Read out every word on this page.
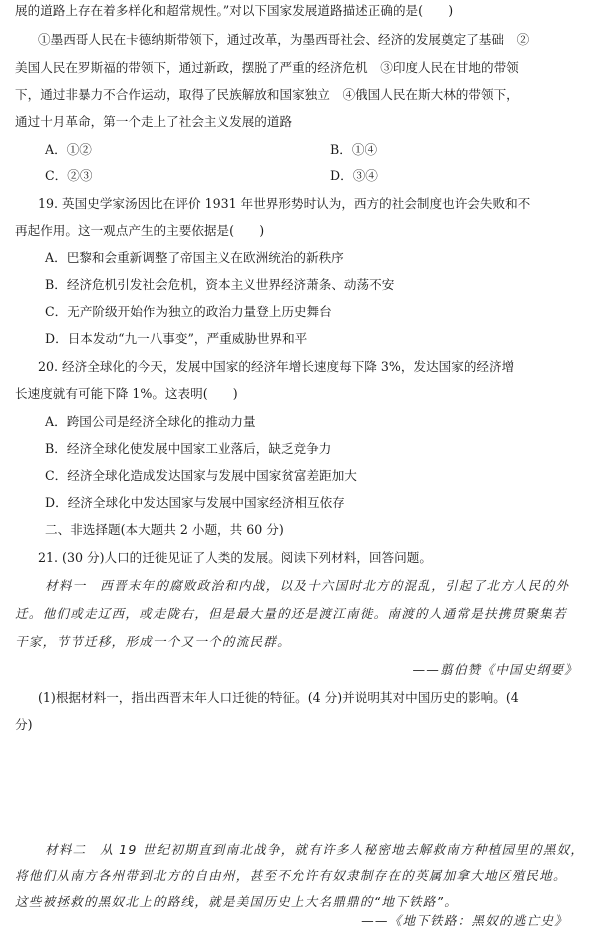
展的道路上存在着多样化和超常规性。”对以下国家发展道路描述正确的是(　　)
①墨西哥人民在卡德纳斯带领下，通过改革，为墨西哥社会、经济的发展奠定了基础　②
美国人民在罗斯福的带领下，通过新政，摆脱了严重的经济危机　③印度人民在甘地的带领
下，通过非暴力不合作运动，取得了民族解放和国家独立　④俄国人民在斯大林的带领下，
通过十月革命，第一个走上了社会主义发展的道路
A．①②	B．①④
C．②③	D．③④
19. 英国史学家汤因比在评价 1931 年世界形势时认为，西方的社会制度也许会失败和不
再起作用。这一观点产生的主要依据是(　　)
A．巴黎和会重新调整了帝国主义在欧洲统治的新秩序
B．经济危机引发社会危机，资本主义世界经济萧条、动荡不安
C．无产阶级开始作为独立的政治力量登上历史舞台
D．日本发动“九一八事变”，严重威胁世界和平
20. 经济全球化的今天，发展中国家的经济年增长速度每下降 3%，发达国家的经济增
长速度就有可能下降 1%。这表明(　　)
A．跨国公司是经济全球化的推动力量
B．经济全球化使发展中国家工业落后，缺乏竞争力
C．经济全球化造成发达国家与发展中国家贫富差距加大
D．经济全球化中发达国家与发展中国家经济相互依存
二、非选择题(本大题共 2 小题，共 60 分)
21. (30 分)人口的迁徙见证了人类的发展。阅读下列材料，回答问题。
材料一　西晋末年的腐败政治和内战，以及十六国时北方的混乱，引起了北方人民的外
迁。他们或走辽西，或走陇右，但是最大量的还是渡江南徙。南渡的人通常是扶携贯聚集若
干家，节节迁移，形成一个又一个的流民群。
——翦伯赞《中国史纲要》
(1)根据材料一，指出西晋末年人口迁徙的特征。(4 分)并说明其对中国历史的影响。(4
分)
材料二　从 19 世纪初期直到南北战争，就有许多人秘密地去解救南方种植园里的黑奴，
将他们从南方各州带到北方的自由州，甚至不允许有奴隶制存在的英属加拿大地区殖民地。
这些被拯救的黑奴北上的路线，就是美国历史上大名鼎鼎的“地下铁路”。
——《地下铁路：黑奴的逃亡史》
